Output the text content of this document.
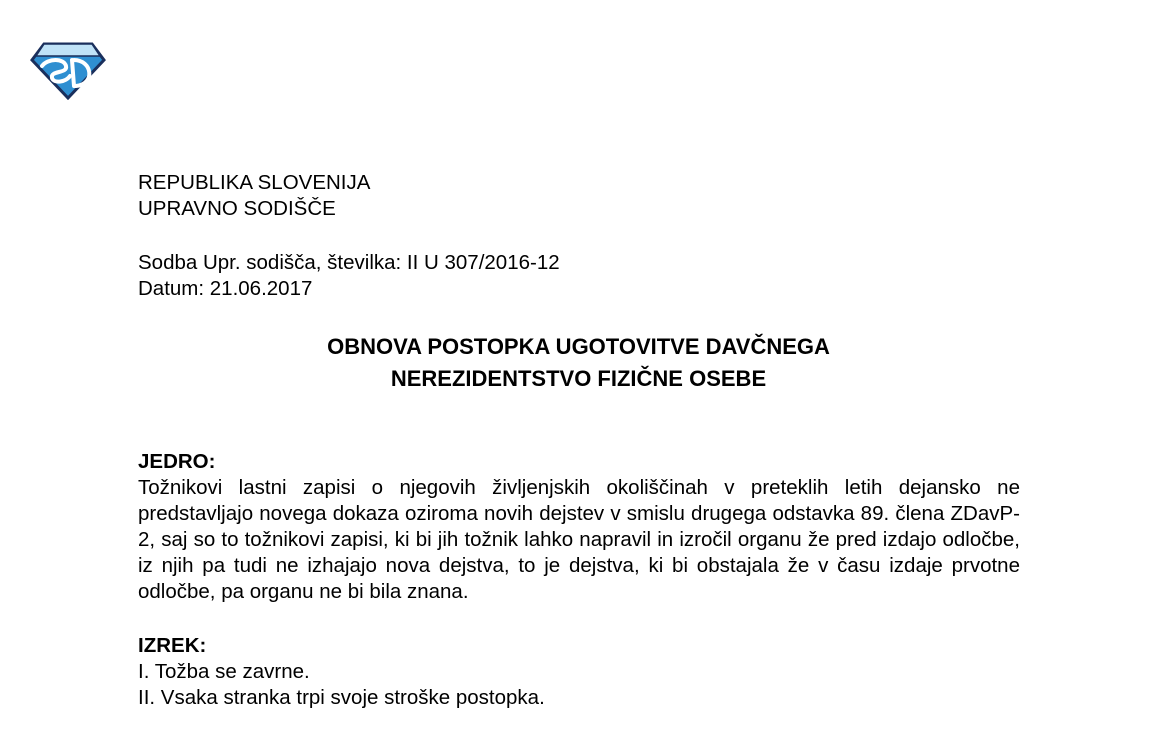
REPUBLIKA SLOVENIJA
UPRAVNO SODIŠČE
Sodba Upr. sodišča, številka: II U 307/2016-12
Datum: 21.06.2017
OBNOVA POSTOPKA UGOTOVITVE DAVČNEGA
NEREZIDENTSTVO FIZIČNE OSEBE
JEDRO:
Tožnikovi lastni zapisi o njegovih življenjskih okoliščinah v preteklih letih dejansko ne predstavljajo novega dokaza oziroma novih dejstev v smislu drugega odstavka 89. člena ZDavP-2, saj so to tožnikovi zapisi, ki bi jih tožnik lahko napravil in izročil organu že pred izdajo odločbe, iz njih pa tudi ne izhajajo nova dejstva, to je dejstva, ki bi obstajala že v času izdaje prvotne odločbe, pa organu ne bi bila znana.
IZREK:
I. Tožba se zavrne.
II. Vsaka stranka trpi svoje stroške postopka.
